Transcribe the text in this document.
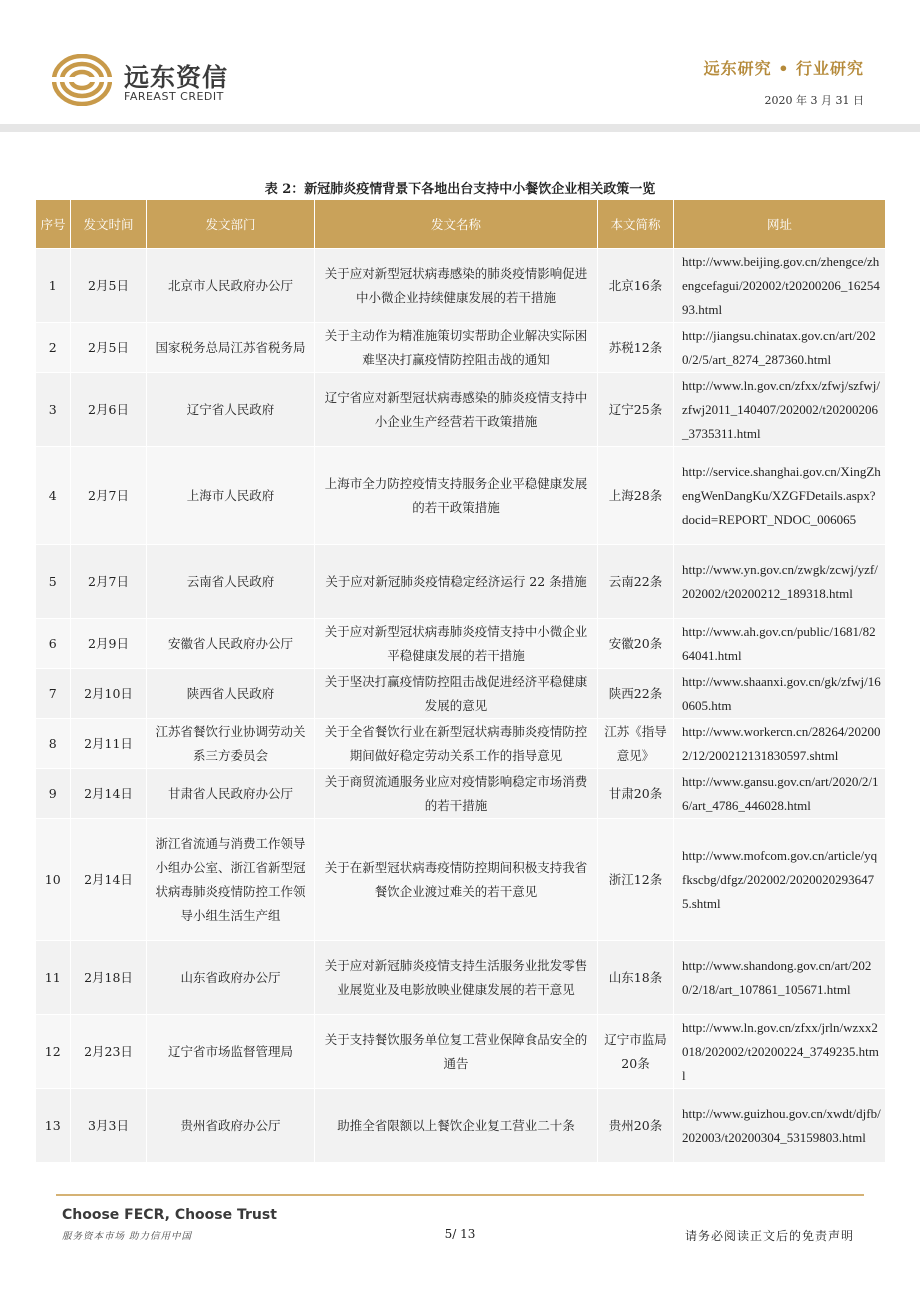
远东资信
FAREAST CREDIT
远东研究 • 行业研究
2020 年 3 月 31 日
表 2：新冠肺炎疫情背景下各地出台支持中小餐饮企业相关政策一览
序号	发文时间	发文部门	发文名称	本文简称	网址
1	2月5日	北京市人民政府办公厅	关于应对新型冠状病毒感染的肺炎疫情影响促进中小微企业持续健康发展的若干措施	北京16条	http://www.beijing.gov.cn/zhengce/zhengcefagui/202002/t20200206_1625493.html
2	2月5日	国家税务总局江苏省税务局	关于主动作为精准施策切实帮助企业解决实际困难坚决打赢疫情防控阻击战的通知	苏税12条	http://jiangsu.chinatax.gov.cn/art/2020/2/5/art_8274_287360.html
3	2月6日	辽宁省人民政府	辽宁省应对新型冠状病毒感染的肺炎疫情支持中小企业生产经营若干政策措施	辽宁25条	http://www.ln.gov.cn/zfxx/zfwj/szfwj/zfwj2011_140407/202002/t20200206_3735311.html
4	2月7日	上海市人民政府	上海市全力防控疫情支持服务企业平稳健康发展的若干政策措施	上海28条	http://service.shanghai.gov.cn/XingZhengWenDangKu/XZGFDetails.aspx?docid=REPORT_NDOC_006065
5	2月7日	云南省人民政府	关于应对新冠肺炎疫情稳定经济运行 22 条措施	云南22条	http://www.yn.gov.cn/zwgk/zcwj/yzf/202002/t20200212_189318.html
6	2月9日	安徽省人民政府办公厅	关于应对新型冠状病毒肺炎疫情支持中小微企业平稳健康发展的若干措施	安徽20条	http://www.ah.gov.cn/public/1681/8264041.html
7	2月10日	陕西省人民政府	关于坚决打赢疫情防控阻击战促进经济平稳健康发展的意见	陕西22条	http://www.shaanxi.gov.cn/gk/zfwj/160605.htm
8	2月11日	江苏省餐饮行业协调劳动关系三方委员会	关于全省餐饮行业在新型冠状病毒肺炎疫情防控期间做好稳定劳动关系工作的指导意见	江苏《指导意见》	http://www.workercn.cn/28264/202002/12/200212131830597.shtml
9	2月14日	甘肃省人民政府办公厅	关于商贸流通服务业应对疫情影响稳定市场消费的若干措施	甘肃20条	http://www.gansu.gov.cn/art/2020/2/16/art_4786_446028.html
10	2月14日	浙江省流通与消费工作领导小组办公室、浙江省新型冠状病毒肺炎疫情防控工作领导小组生活生产组	关于在新型冠状病毒疫情防控期间积极支持我省餐饮企业渡过难关的若干意见	浙江12条	http://www.mofcom.gov.cn/article/yqfkscbg/dfgz/202002/20200202936475.shtml
11	2月18日	山东省政府办公厅	关于应对新冠肺炎疫情支持生活服务业批发零售业展览业及电影放映业健康发展的若干意见	山东18条	http://www.shandong.gov.cn/art/2020/2/18/art_107861_105671.html
12	2月23日	辽宁省市场监督管理局	关于支持餐饮服务单位复工营业保障食品安全的通告	辽宁市监局20条	http://www.ln.gov.cn/zfxx/jrln/wzxx2018/202002/t20200224_3749235.html
13	3月3日	贵州省政府办公厅	助推全省限额以上餐饮企业复工营业二十条	贵州20条	http://www.guizhou.gov.cn/xwdt/djfb/202003/t20200304_53159803.html
Choose FECR, Choose Trust
服务资本市场 助力信用中国	5/ 13	请务必阅读正文后的免责声明
